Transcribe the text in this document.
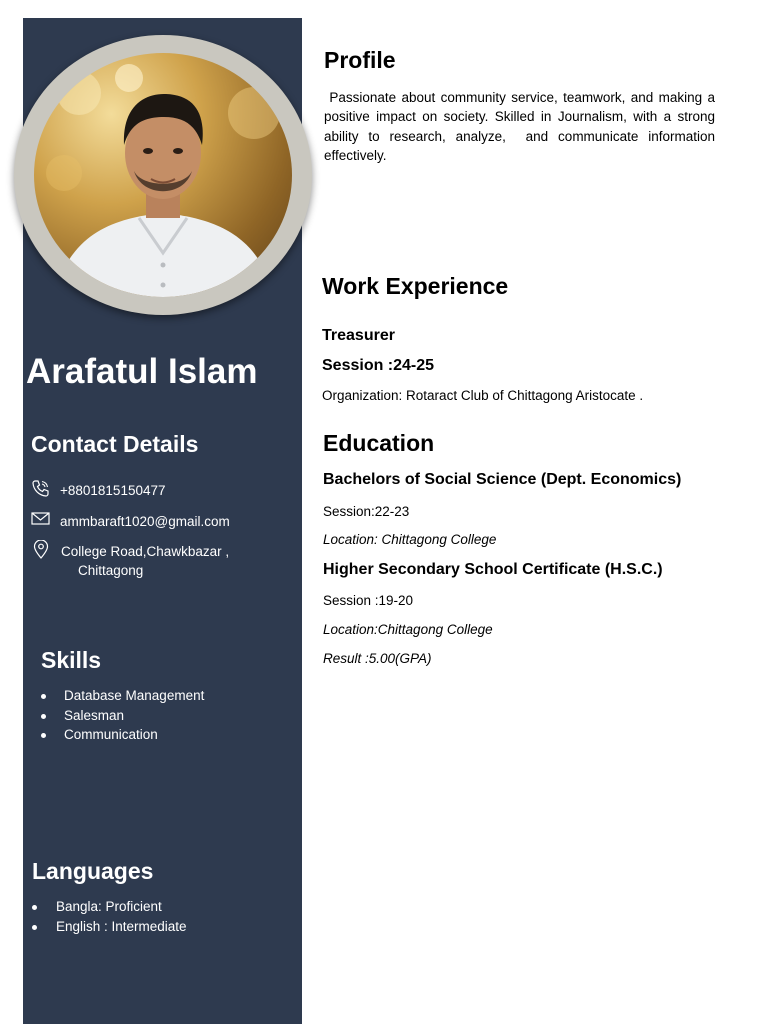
Arafatul Islam
Contact Details
+8801815150477
ammbaraft1020@gmail.com
College Road,Chawkbazar ,
Chittagong
Skills
Database Management
Salesman
Communication
Languages
Bangla: Proficient
English : Intermediate
Profile
Passionate about community service, teamwork, and making a positive impact on society. Skilled in Journalism, with a strong ability to research, analyze,  and communicate information effectively.
Work Experience
Treasurer
Session :24-25
Organization: Rotaract Club of Chittagong Aristocate .
Education
Bachelors of Social Science (Dept. Economics)
Session:22-23
Location: Chittagong College
Higher Secondary School Certificate (H.S.C.)
Session :19-20
Location:Chittagong College
Result :5.00(GPA)
